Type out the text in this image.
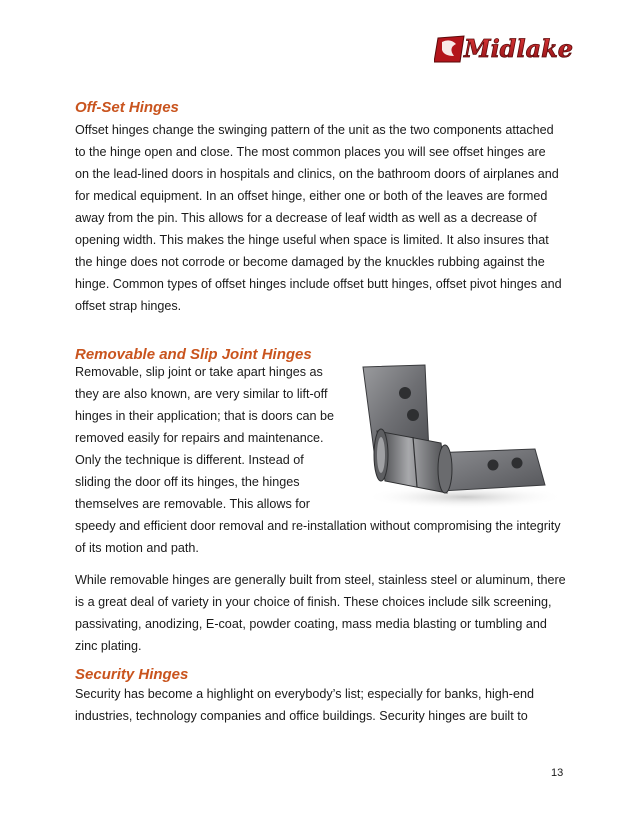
Midlake
Off-Set Hinges

Offset hinges change the swinging pattern of the unit as the two components attached
to the hinge open and close. The most common places you will see offset hinges are
on the lead-lined doors in hospitals and clinics, on the bathroom doors of airplanes and
for medical equipment. In an offset hinge, either one or both of the leaves are formed
away from the pin. This allows for a decrease of leaf width as well as a decrease of
opening width. This makes the hinge useful when space is limited. It also insures that
the hinge does not corrode or become damaged by the knuckles rubbing against the
hinge. Common types of offset hinges include offset butt hinges, offset pivot hinges and
offset strap hinges.

Removable and Slip Joint Hinges

Removable, slip joint or take apart hinges as
they are also known, are very similar to lift-off
hinges in their application; that is doors can be
removed easily for repairs and maintenance.
Only the technique is different. Instead of
sliding the door off its hinges, the hinges
themselves are removable. This allows for
speedy and efficient door removal and re-installation without compromising the integrity
of its motion and path.

While removable hinges are generally built from steel, stainless steel or aluminum, there
is a great deal of variety in your choice of finish. These choices include silk screening,
passivating, anodizing, E-coat, powder coating, mass media blasting or tumbling and
zinc plating.

Security Hinges

Security has become a highlight on everybody’s list; especially for banks, high-end
industries, technology companies and office buildings. Security hinges are built to

13
